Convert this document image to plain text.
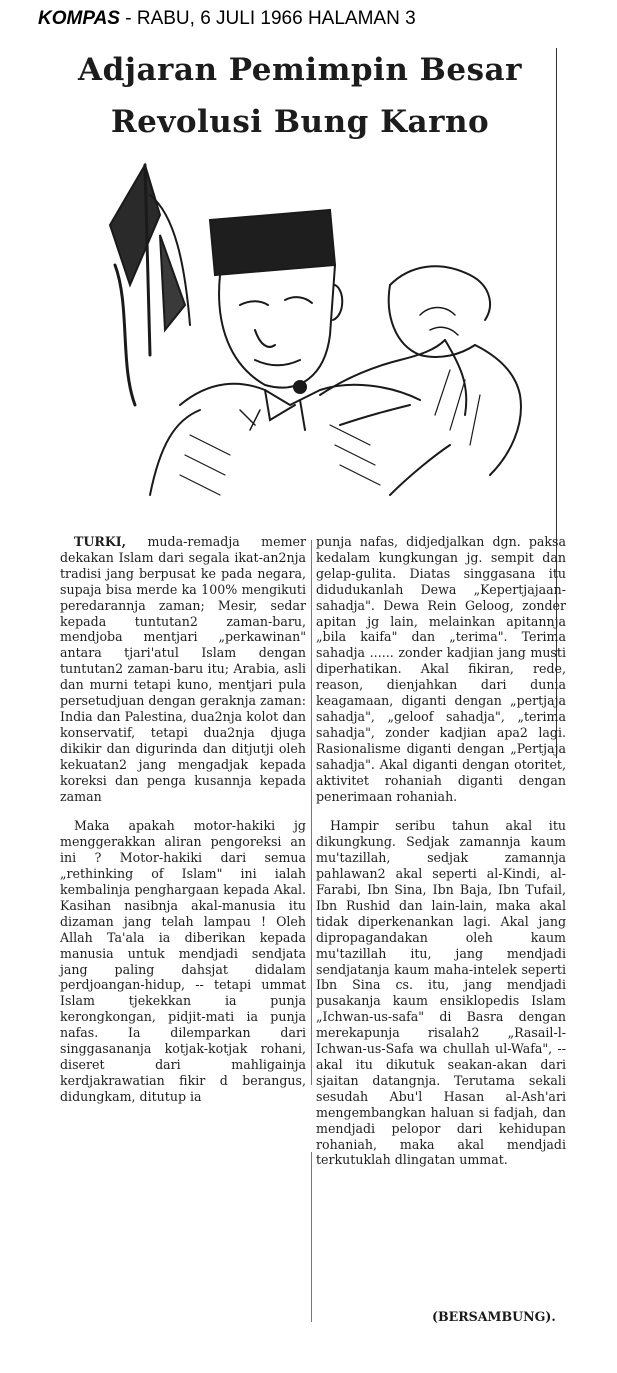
KOMPAS - RABU, 6 JULI 1966 HALAMAN 3
Adjaran Pemimpin Besar
Revolusi Bung Karno

TURKI, muda-remadja memer dekakan Islam dari segala ikat-an2nja tradisi jang berpusat ke pada negara, supaja bisa merde ka 100% mengikuti peredarannja zaman; Mesir, sedar kepada tuntutan2 zaman-baru, mendjoba mentjari „perkawinan" antara tjari'atul Islam dengan tuntutan2 zaman-baru itu; Arabia, asli dan murni tetapi kuno, mentjari pula persetudjuan dengan geraknja zaman: India dan Palestina, dua2nja kolot dan konservatif, tetapi dua2nja djuga dikikir dan digurinda dan ditjutji oleh kekuatan2 jang mengadjak kepada koreksi dan penga kusannja kepada zaman

Maka apakah motor-hakiki jg menggerakkan aliran pengoreksi an ini ? Motor-hakiki dari semua „rethinking of Islam" ini ialah kembalinja penghargaan kepada Akal. Kasihan nasibnja akal-manusia itu dizaman jang telah lampau ! Oleh Allah Ta'ala ia diberikan kepada manusia untuk mendjadi sendjata jang paling dahsjat didalam perdjoangan-hidup, -- tetapi ummat Islam tjekekkan ia punja kerongkongan, pidjit-mati ia punja nafas. Ia dilemparkan dari singgasananja kotjak-kotjak rohani, diseret dari mahligainja kerdjakrawatian fikir d berangus, didungkam, ditutup ia

punja nafas, didjedjalkan dgn. paksa kedalam kungkungan jg. sempit dan gelap-gulita. Diatas singgasana itu didudukanlah Dewa „Kepertjajaan-sahadja". Dewa Rein Geloog, zonder apitan jg lain, melainkan apitannja „bila kaifa" dan „terima". Terima sahadja ...... zonder kadjian jang musti diperhatikan. Akal fikiran, rede, reason, dienjahkan dari dunia keagamaan, diganti dengan „pertjaja sahadja", „geloof sahadja", „terima sahadja", zonder kadjian apa2 lagi. Rasionalisme diganti dengan „Pertjaja sahadja". Akal diganti dengan otoritet, aktivitet rohaniah diganti dengan penerimaan rohaniah.

Hampir seribu tahun akal itu dikungkung. Sedjak zamannja kaum mu'tazillah, sedjak zamannja pahlawan2 akal seperti al-Kindi, al-Farabi, Ibn Sina, Ibn Baja, Ibn Tufail, Ibn Rushid dan lain-lain, maka akal tidak diperkenankan lagi. Akal jang dipropagandakan oleh kaum mu'tazillah itu, jang mendjadi sendjatanja kaum maha-intelek seperti Ibn Sina cs. itu, jang mendjadi pusakanja kaum ensiklopedis Islam „Ichwan-us-safa" di Basra dengan merekapunja risalah2 „Rasail-l-Ichwan-us-Safa wa chullah ul-Wafa", -- akal itu dikutuk seakan-akan dari sjaitan datangnja. Terutama sekali sesudah Abu'l Hasan al-Ash'ari mengembangkan haluan si fadjah, dan mendjadi pelopor dari kehidupan rohaniah, maka akal mendjadi terkutuklah dlingatan ummat.

(BERSAMBUNG).
